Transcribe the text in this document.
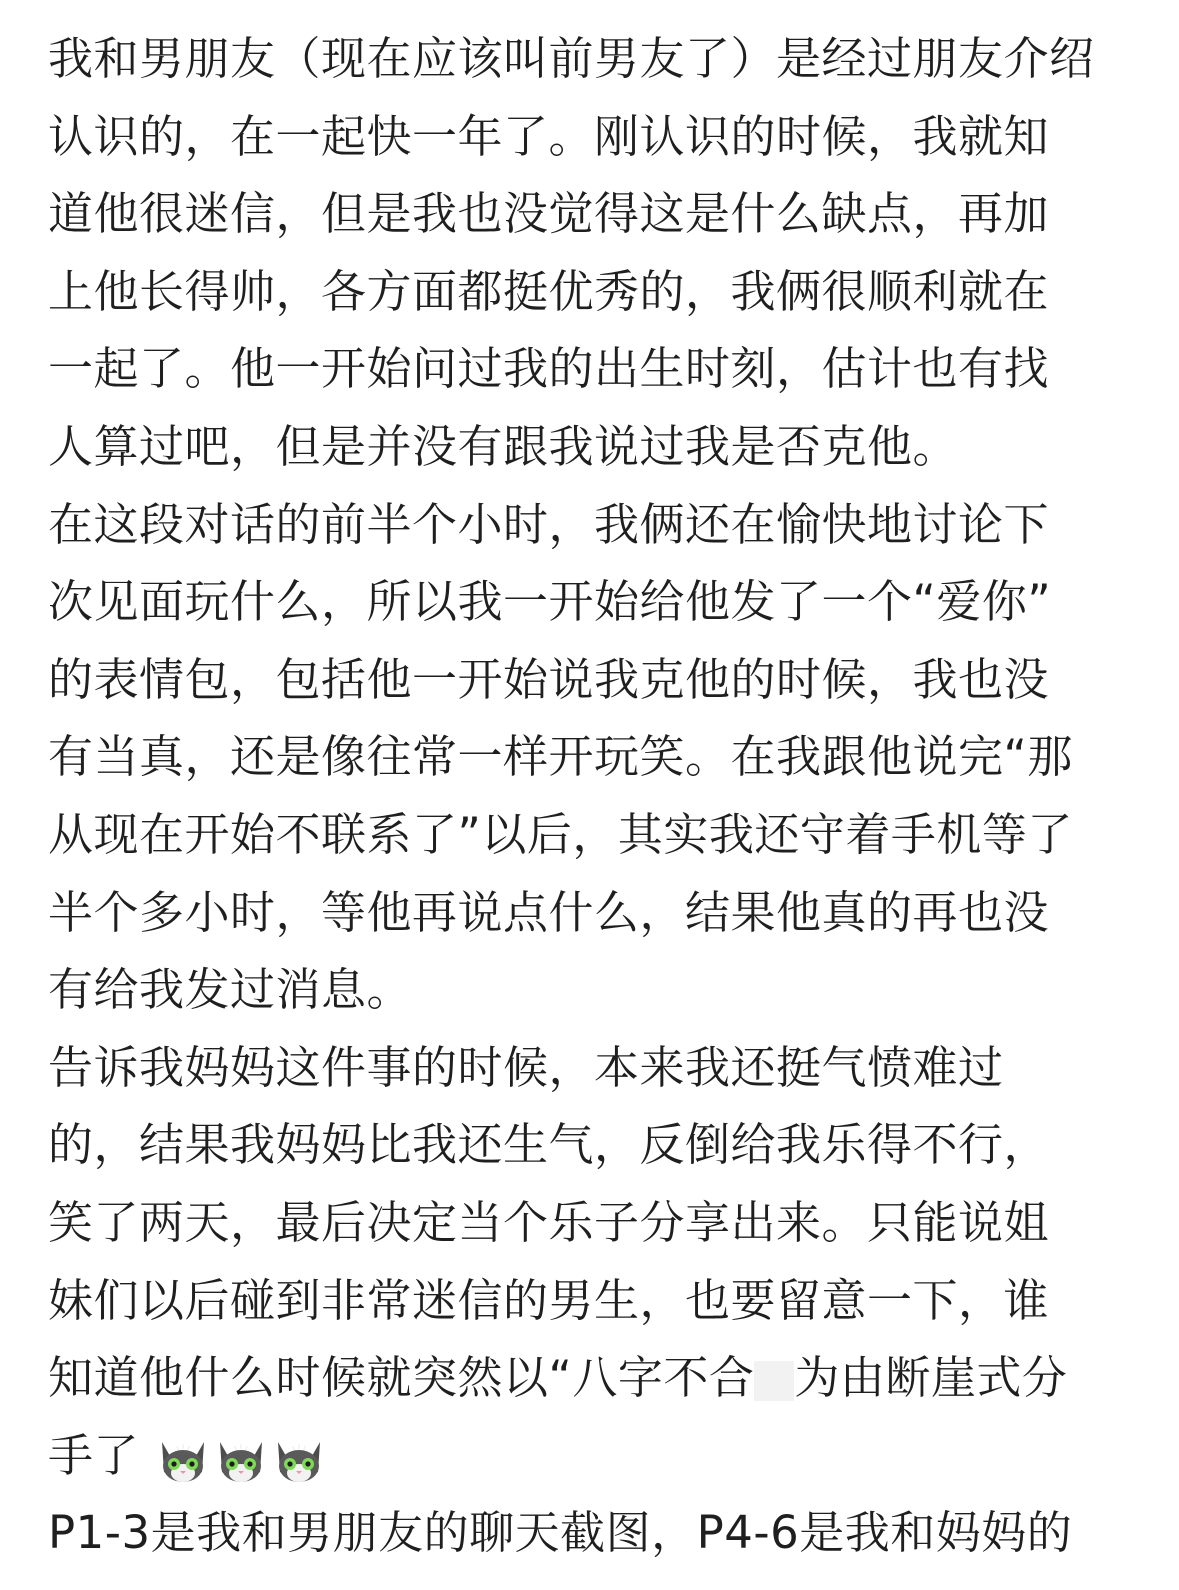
我和男朋友（现在应该叫前男友了）是经过朋友介绍
认识的，在一起快一年了。刚认识的时候，我就知
道他很迷信，但是我也没觉得这是什么缺点，再加
上他长得帅，各方面都挺优秀的，我俩很顺利就在
一起了。他一开始问过我的出生时刻，估计也有找
人算过吧，但是并没有跟我说过我是否克他。
在这段对话的前半个小时，我俩还在愉快地讨论下
次见面玩什么，所以我一开始给他发了一个“爱你”
的表情包，包括他一开始说我克他的时候，我也没
有当真，还是像往常一样开玩笑。在我跟他说完“那
从现在开始不联系了”以后，其实我还守着手机等了
半个多小时，等他再说点什么，结果他真的再也没
有给我发过消息。
告诉我妈妈这件事的时候，本来我还挺气愤难过
的，结果我妈妈比我还生气，反倒给我乐得不行，
笑了两天，最后决定当个乐子分享出来。只能说姐
妹们以后碰到非常迷信的男生，也要留意一下，谁
知道他什么时候就突然以“八字不合 为由断崖式分
手了
P1-3是我和男朋友的聊天截图，P4-6是我和妈妈的
